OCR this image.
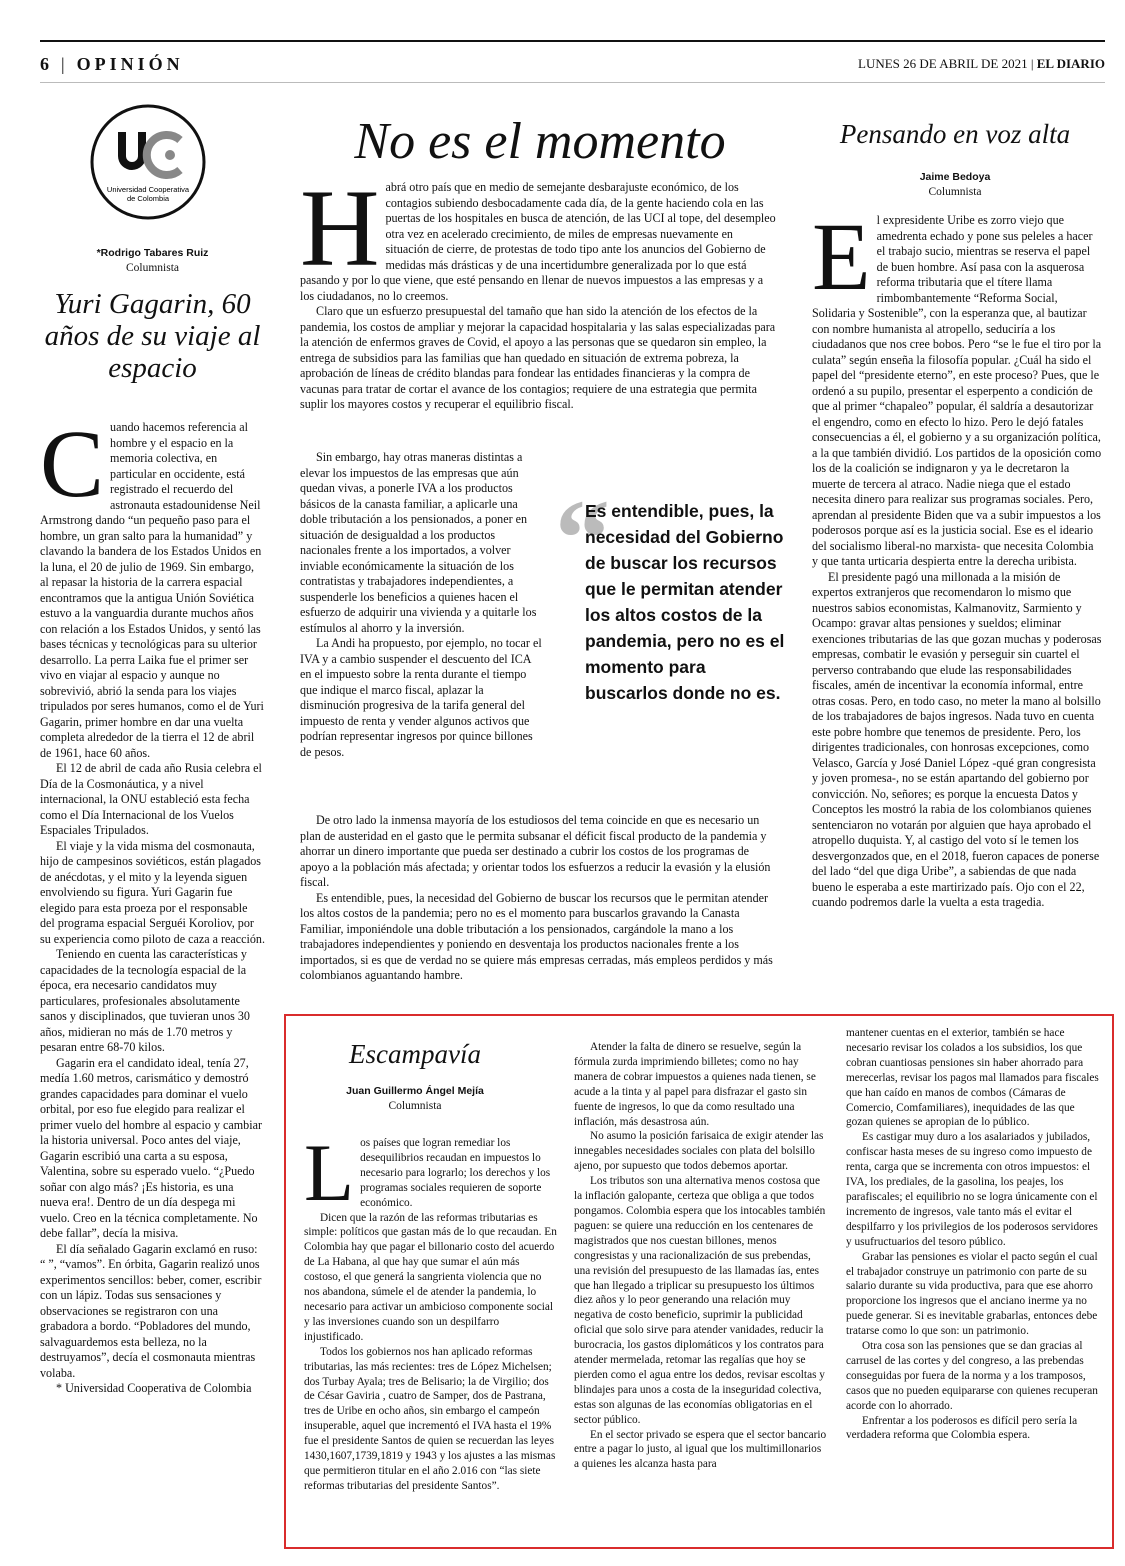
6 | OPINIÓN	LUNES 26 DE ABRIL DE 2021 | EL DIARIO
Universidad Cooperativa
de Colombia
*Rodrigo Tabares Ruiz
Columnista
Yuri Gagarin, 60 años de su viaje al espacio
C uando hacemos referencia al hombre y el espacio en la memoria colectiva, en particular en occidente, está registrado el recuerdo del astronauta estadounidense Neil Armstrong dando “un pequeño paso para el hombre, un gran salto para la humanidad” y clavando la bandera de los Estados Unidos en la luna, el 20 de julio de 1969. Sin embargo, al repasar la historia de la carrera espacial encontramos que la antigua Unión Soviética estuvo a la vanguardia durante muchos años con relación a los Estados Unidos, y sentó las bases técnicas y tecnológicas para su ulterior desarrollo. La perra Laika fue el primer ser vivo en viajar al espacio y aunque no sobrevivió, abrió la senda para los viajes tripulados por seres humanos, como el de Yuri Gagarin, primer hombre en dar una vuelta completa alrededor de la tierra el 12 de abril de 1961, hace 60 años.

El 12 de abril de cada año Rusia celebra el Día de la Cosmonáutica, y a nivel internacional, la ONU estableció esta fecha como el Día Internacional de los Vuelos Espaciales Tripulados.

El viaje y la vida misma del cosmonauta, hijo de campesinos soviéticos, están plagados de anécdotas, y el mito y la leyenda siguen envolviendo su figura. Yuri Gagarin fue elegido para esta proeza por el responsable del programa espacial Serguéi Koroliov, por su experiencia como piloto de caza a reacción.

Teniendo en cuenta las características y capacidades de la tecnología espacial de la época, era necesario candidatos muy particulares, profesionales absolutamente sanos y disciplinados, que tuvieran unos 30 años, midieran no más de 1.70 metros y pesaran entre 68-70 kilos.

Gagarin era el candidato ideal, tenía 27, medía 1.60 metros, carismático y demostró grandes capacidades para dominar el vuelo orbital, por eso fue elegido para realizar el primer vuelo del hombre al espacio y cambiar la historia universal. Poco antes del viaje, Gagarin escribió una carta a su esposa, Valentina, sobre su esperado vuelo. “¿Puedo soñar con algo más? ¡Es historia, es una nueva era!. Dentro de un día despega mi vuelo. Creo en la técnica completamente. No debe fallar”, decía la misiva.

El día señalado Gagarin exclamó en ruso: “ ”, “vamos”. En órbita, Gagarin realizó unos experimentos sencillos: beber, comer, escribir con un lápiz. Todas sus sensaciones y observaciones se registraron con una grabadora a bordo. “Pobladores del mundo, salvaguardemos esta belleza, no la destruyamos”, decía el cosmonauta mientras volaba.

* Universidad Cooperativa de Colombia

No es el momento
H abrá otro país que en medio de semejante desbarajuste económico, de los contagios subiendo desbocadamente cada día, de la gente haciendo cola en las puertas de los hospitales en busca de atención, de las UCI al tope, del desempleo otra vez en acelerado crecimiento, de miles de empresas nuevamente en situación de cierre, de protestas de todo tipo ante los anuncios del Gobierno de medidas más drásticas y de una incertidumbre generalizada por lo que está pasando y por lo que viene, que esté pensando en llenar de nuevos impuestos a las empresas y a los ciudadanos, no lo creemos.

Claro que un esfuerzo presupuestal del tamaño que han sido la atención de los efectos de la pandemia, los costos de ampliar y mejorar la capacidad hospitalaria y las salas especializadas para la atención de enfermos graves de Covid, el apoyo a las personas que se quedaron sin empleo, la entrega de subsidios para las familias que han quedado en situación de extrema pobreza, la aprobación de líneas de crédito blandas para fondear las entidades financieras y la compra de vacunas para tratar de cortar el avance de los contagios; requiere de una estrategia que permita suplir los mayores costos y recuperar el equilibrio fiscal.

Sin embargo, hay otras maneras distintas a elevar los impuestos de las empresas que aún quedan vivas, a ponerle IVA a los productos básicos de la canasta familiar, a aplicarle una doble tributación a los pensionados, a poner en situación de desigualdad a los productos nacionales frente a los importados, a volver inviable económicamente la situación de los contratistas y trabajadores independientes, a suspenderle los beneficios a quienes hacen el esfuerzo de adquirir una vivienda y a quitarle los estímulos al ahorro y la inversión.

La Andi ha propuesto, por ejemplo, no tocar el IVA y a cambio suspender el descuento del ICA en el impuesto sobre la renta durante el tiempo que indique el marco fiscal, aplazar la disminución progresiva de la tarifa general del impuesto de renta y vender algunos activos que podrían representar ingresos por quince billones de pesos.

“
Es entendible, pues, la necesidad del Gobierno de buscar los recursos que le permitan atender los altos costos de la pandemia, pero no es el momento para buscarlos donde no es.

De otro lado la inmensa mayoría de los estudiosos del tema coincide en que es necesario un plan de austeridad en el gasto que le permita subsanar el déficit fiscal producto de la pandemia y ahorrar un dinero importante que pueda ser destinado a cubrir los costos de los programas de apoyo a la población más afectada; y orientar todos los esfuerzos a reducir la evasión y la elusión fiscal.

Es entendible, pues, la necesidad del Gobierno de buscar los recursos que le permitan atender los altos costos de la pandemia; pero no es el momento para buscarlos gravando la Canasta Familiar, imponiéndole una doble tributación a los pensionados, cargándole la mano a los trabajadores independientes y poniendo en desventaja los productos nacionales frente a los importados, si es que de verdad no se quiere más empresas cerradas, más empleos perdidos y más colombianos aguantando hambre.

Pensando en voz alta
Jaime Bedoya
Columnista
E l expresidente Uribe es zorro viejo que amedrenta echado y pone sus peleles a hacer el trabajo sucio, mientras se reserva el papel de buen hombre. Así pasa con la asquerosa reforma tributaria que el títere llama rimbombantemente “Reforma Social, Solidaria y Sostenible”, con la esperanza que, al bautizar con nombre humanista al atropello, seduciría a los ciudadanos que nos cree bobos. Pero “se le fue el tiro por la culata” según enseña la filosofía popular. ¿Cuál ha sido el papel del “presidente eterno”, en este proceso? Pues, que le ordenó a su pupilo, presentar el esperpento a condición de que al primer “chapaleo” popular, él saldría a desautorizar el engendro, como en efecto lo hizo. Pero le dejó fatales consecuencias a él, el gobierno y a su organización política, a la que también dividió. Los partidos de la oposición como los de la coalición se indignaron y ya le decretaron la muerte de tercera al atraco. Nadie niega que el estado necesita dinero para realizar sus programas sociales. Pero, aprendan al presidente Biden que va a subir impuestos a los poderosos porque así es la justicia social. Ese es el ideario del socialismo liberal-no marxista- que necesita Colombia y que tanta urticaria despierta entre la derecha uribista.

El presidente pagó una millonada a la misión de expertos extranjeros que recomendaron lo mismo que nuestros sabios economistas, Kalmanovitz, Sarmiento y Ocampo: gravar altas pensiones y sueldos; eliminar exenciones tributarias de las que gozan muchas y poderosas empresas, combatir le evasión y perseguir sin cuartel el perverso contrabando que elude las responsabilidades fiscales, amén de incentivar la economía informal, entre otras cosas. Pero, en todo caso, no meter la mano al bolsillo de los trabajadores de bajos ingresos. Nada tuvo en cuenta este pobre hombre que tenemos de presidente. Pero, los dirigentes tradicionales, con honrosas excepciones, como Velasco, García y José Daniel López -qué gran congresista y joven promesa-, no se están apartando del gobierno por convicción. No, señores; es porque la encuesta Datos y Conceptos les mostró la rabia de los colombianos quienes sentenciaron no votarán por alguien que haya aprobado el atropello duquista. Y, al castigo del voto sí le temen los desvergonzados que, en el 2018, fueron capaces de ponerse del lado “del que diga Uribe”, a sabiendas de que nada bueno le esperaba a este martirizado país. Ojo con el 22, cuando podremos darle la vuelta a esta tragedia.

Escampavía
Juan Guillermo Ángel Mejía
Columnista
L os países que logran remediar los desequilibrios recaudan en impuestos lo necesario para lograrlo; los derechos y los programas sociales requieren de soporte económico.

Dicen que la razón de las reformas tributarias es simple: políticos que gastan más de lo que recaudan. En Colombia hay que pagar el billonario costo del acuerdo de La Habana, al que hay que sumar el aún más costoso, el que generá la sangrienta violencia que no nos abandona, súmele el de atender la pandemia, lo necesario para activar un ambicioso componente social y las inversiones cuando son un despilfarro injustificado.

Todos los gobiernos nos han aplicado reformas tributarias, las más recientes: tres de López Michelsen; dos Turbay Ayala; tres de Belisario; la de Virgilio; dos de César Gaviria , cuatro de Samper, dos de Pastrana, tres de Uribe en ocho años, sin embargo el campeón insuperable, aquel que incrementó el IVA hasta el 19% fue el presidente Santos de quien se recuerdan las leyes 1430,1607,1739,1819 y 1943 y los ajustes a las mismas que permitieron titular en el año 2.016 con “las siete reformas tributarias del presidente Santos”.

Atender la falta de dinero se resuelve, según la fórmula zurda imprimiendo billetes; como no hay manera de cobrar impuestos a quienes nada tienen, se acude a la tinta y al papel para disfrazar el gasto sin fuente de ingresos, lo que da como resultado una inflación, más desastrosa aún.

No asumo la posición farisaica de exigir atender las innegables necesidades sociales con plata del bolsillo ajeno, por supuesto que todos debemos aportar.

Los tributos son una alternativa menos costosa que la inflación galopante, certeza que obliga a que todos pongamos. Colombia espera que los intocables también paguen: se quiere una reducción en los centenares de magistrados que nos cuestan billones, menos congresistas y una racionalización de sus prebendas, una revisión del presupuesto de las llamadas ías, entes que han llegado a triplicar su presupuesto los últimos diez años y lo peor generando una relación muy negativa de costo beneficio, suprimir la publicidad oficial que solo sirve para atender vanidades, reducir la burocracia, los gastos diplomáticos y los contratos para atender mermelada, retomar las regalías que hoy se pierden como el agua entre los dedos, revisar escoltas y blindajes para unos a costa de la inseguridad colectiva, estas son algunas de las economías obligatorias en el sector público.

En el sector privado se espera que el sector bancario entre a pagar lo justo, al igual que los multimillonarios a quienes les alcanza hasta para

mantener cuentas en el exterior, también se hace necesario revisar los colados a los subsidios, los que cobran cuantiosas pensiones sin haber ahorrado para merecerlas, revisar los pagos mal llamados para fiscales que han caído en manos de combos (Cámaras de Comercio, Comfamiliares), inequidades de las que gozan quienes se apropian de lo público.

Es castigar muy duro a los asalariados y jubilados, confiscar hasta meses de su ingreso como impuesto de renta, carga que se incrementa con otros impuestos: el IVA, los prediales, de la gasolina, los peajes, los parafiscales; el equilibrio no se logra únicamente con el incremento de ingresos, vale tanto más el evitar el despilfarro y los privilegios de los poderosos servidores y usufructuarios del tesoro público.

Grabar las pensiones es violar el pacto según el cual el trabajador construye un patrimonio con parte de su salario durante su vida productiva, para que ese ahorro proporcione los ingresos que el anciano inerme ya no puede generar. Si es inevitable grabarlas, entonces debe tratarse como lo que son: un patrimonio.

Otra cosa son las pensiones que se dan gracias al carrusel de las cortes y del congreso, a las prebendas conseguidas por fuera de la norma y a los tramposos, casos que no pueden equipararse con quienes recuperan acorde con lo ahorrado.

Enfrentar a los poderosos es difícil pero sería la verdadera reforma que Colombia espera.
